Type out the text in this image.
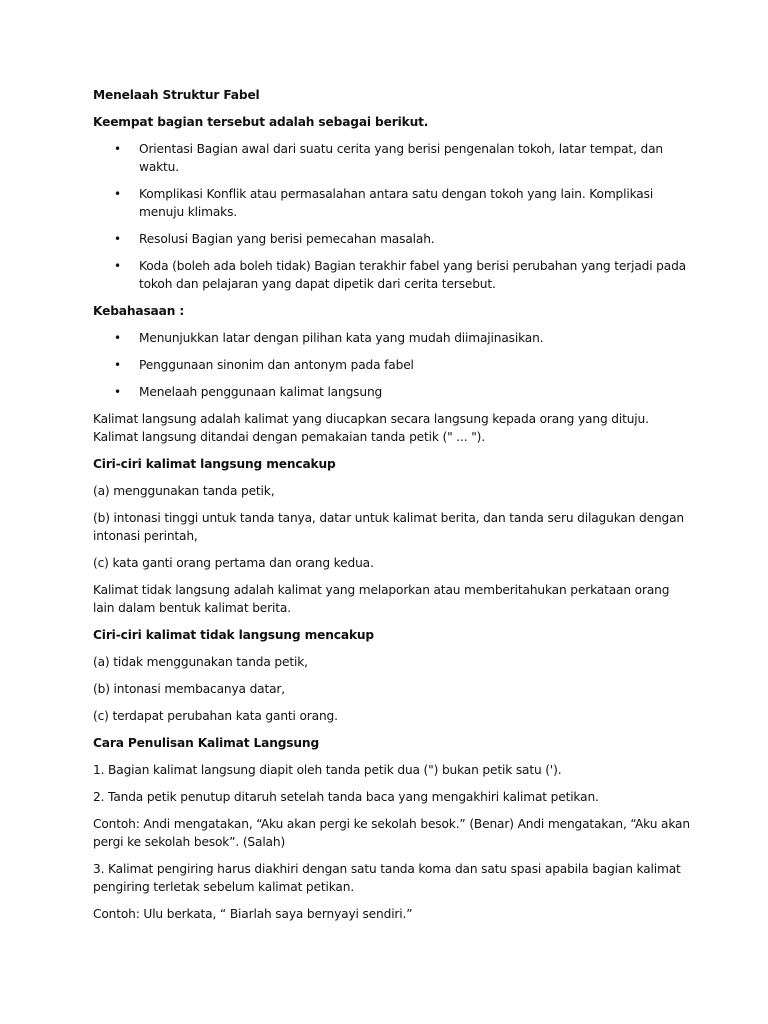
Menelaah Struktur Fabel

Keempat bagian tersebut adalah sebagai berikut.

• Orientasi Bagian awal dari suatu cerita yang berisi pengenalan tokoh, latar tempat, dan waktu.
• Komplikasi Konflik atau permasalahan antara satu dengan tokoh yang lain. Komplikasi menuju klimaks.
• Resolusi Bagian yang berisi pemecahan masalah.
• Koda (boleh ada boleh tidak) Bagian terakhir fabel yang berisi perubahan yang terjadi pada tokoh dan pelajaran yang dapat dipetik dari cerita tersebut.

Kebahasaan :

• Menunjukkan latar dengan pilihan kata yang mudah diimajinasikan.
• Penggunaan sinonim dan antonym pada fabel
• Menelaah penggunaan kalimat langsung

Kalimat langsung adalah kalimat yang diucapkan secara langsung kepada orang yang dituju. Kalimat langsung ditandai dengan pemakaian tanda petik (" ... ").

Ciri-ciri kalimat langsung mencakup

(a) menggunakan tanda petik,

(b) intonasi tinggi untuk tanda tanya, datar untuk kalimat berita, dan tanda seru dilagukan dengan intonasi perintah,

(c) kata ganti orang pertama dan orang kedua.

Kalimat tidak langsung adalah kalimat yang melaporkan atau memberitahukan perkataan orang lain dalam bentuk kalimat berita.

Ciri-ciri kalimat tidak langsung mencakup

(a) tidak menggunakan tanda petik,

(b) intonasi membacanya datar,

(c) terdapat perubahan kata ganti orang.

Cara Penulisan Kalimat Langsung

1. Bagian kalimat langsung diapit oleh tanda petik dua (") bukan petik satu (').

2. Tanda petik penutup ditaruh setelah tanda baca yang mengakhiri kalimat petikan.

Contoh: Andi mengatakan, “Aku akan pergi ke sekolah besok.” (Benar) Andi mengatakan, “Aku akan pergi ke sekolah besok”. (Salah)

3. Kalimat pengiring harus diakhiri dengan satu tanda koma dan satu spasi apabila bagian kalimat pengiring terletak sebelum kalimat petikan.

Contoh: Ulu berkata, “ Biarlah saya bernyayi sendiri.”
